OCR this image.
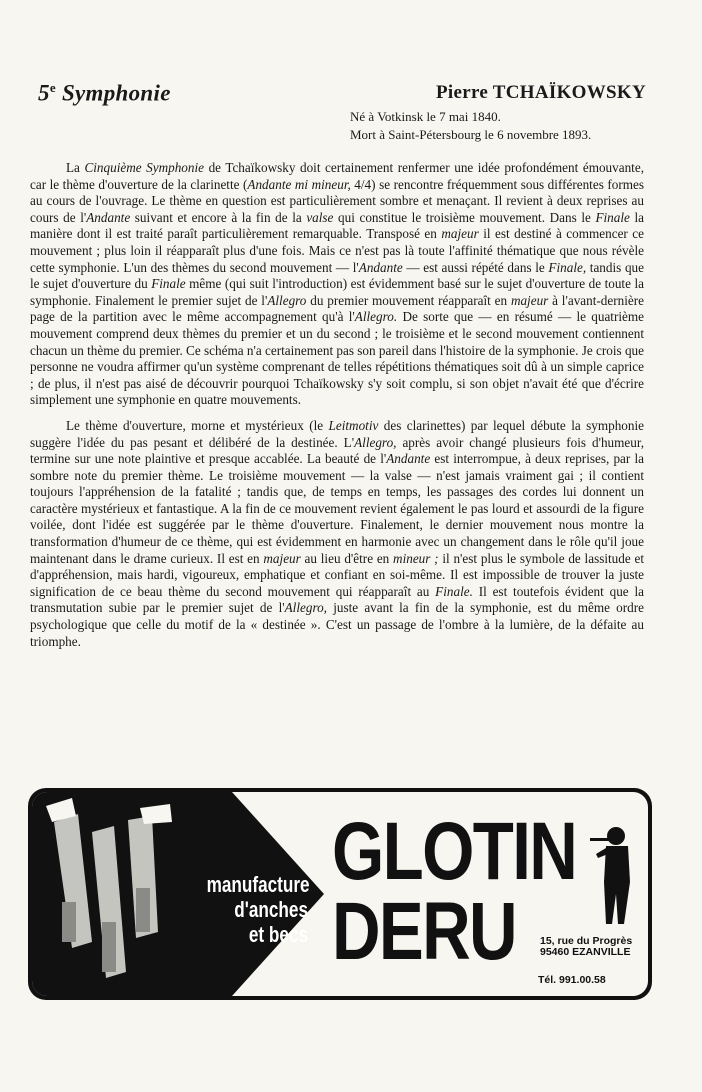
5e Symphonie	Pierre TCHAÏKOWSKY
Né à Votkinsk le 7 mai 1840.
Mort à Saint-Pétersbourg le 6 novembre 1893.

La Cinquième Symphonie de Tchaïkowsky doit certainement renfermer une idée profondément émouvante, car le thème d'ouverture de la clarinette (Andante mi mineur, 4/4) se rencontre fréquemment sous différentes formes au cours de l'ouvrage. Le thème en question est particulièrement sombre et menaçant. Il revient à deux reprises au cours de l'Andante suivant et encore à la fin de la valse qui constitue le troisième mouvement. Dans le Finale la manière dont il est traité paraît particulièrement remarquable. Transposé en majeur il est destiné à commencer ce mouvement ; plus loin il réapparaît plus d'une fois. Mais ce n'est pas là toute l'affinité thématique que nous révèle cette symphonie. L'un des thèmes du second mouvement — l'Andante — est aussi répété dans le Finale, tandis que le sujet d'ouverture du Finale même (qui suit l'introduction) est évidemment basé sur le sujet d'ouverture de toute la symphonie. Finalement le premier sujet de l'Allegro du premier mouvement réapparaît en majeur à l'avant-dernière page de la partition avec le même accompagnement qu'à l'Allegro. De sorte que — en résumé — le quatrième mouvement comprend deux thèmes du premier et un du second ; le troisième et le second mouvement contiennent chacun un thème du premier. Ce schéma n'a certainement pas son pareil dans l'histoire de la symphonie. Je crois que personne ne voudra affirmer qu'un système comprenant de telles répétitions thématiques soit dû à un simple caprice ; de plus, il n'est pas aisé de découvrir pourquoi Tchaïkowsky s'y soit complu, si son objet n'avait été que d'écrire simplement une symphonie en quatre mouvements.

Le thème d'ouverture, morne et mystérieux (le Leitmotiv des clarinettes) par lequel débute la symphonie suggère l'idée du pas pesant et délibéré de la destinée. L'Allegro, après avoir changé plusieurs fois d'humeur, termine sur une note plaintive et presque accablée. La beauté de l'Andante est interrompue, à deux reprises, par la sombre note du premier thème. Le troisième mouvement — la valse — n'est jamais vraiment gai ; il contient toujours l'appréhension de la fatalité ; tandis que, de temps en temps, les passages des cordes lui donnent un caractère mystérieux et fantastique. A la fin de ce mouvement revient également le pas lourd et assourdi de la figure voilée, dont l'idée est suggérée par le thème d'ouverture. Finalement, le dernier mouvement nous montre la transformation d'humeur de ce thème, qui est évidemment en harmonie avec un changement dans le rôle qu'il joue maintenant dans le drame curieux. Il est en majeur au lieu d'être en mineur ; il n'est plus le symbole de lassitude et d'appréhension, mais hardi, vigoureux, emphatique et confiant en soi-même. Il est impossible de trouver la juste signification de ce beau thème du second mouvement qui réapparaît au Finale. Il est toutefois évident que la transmutation subie par le premier sujet de l'Allegro, juste avant la fin de la symphonie, est du même ordre psychologique que celle du motif de la « destinée ». C'est un passage de l'ombre à la lumière, de la défaite au triomphe.

manufacture
d'anches
et becs
GLOTIN
DERU	15, rue du Progrès
95460 EZANVILLE
Tél. 991.00.58
